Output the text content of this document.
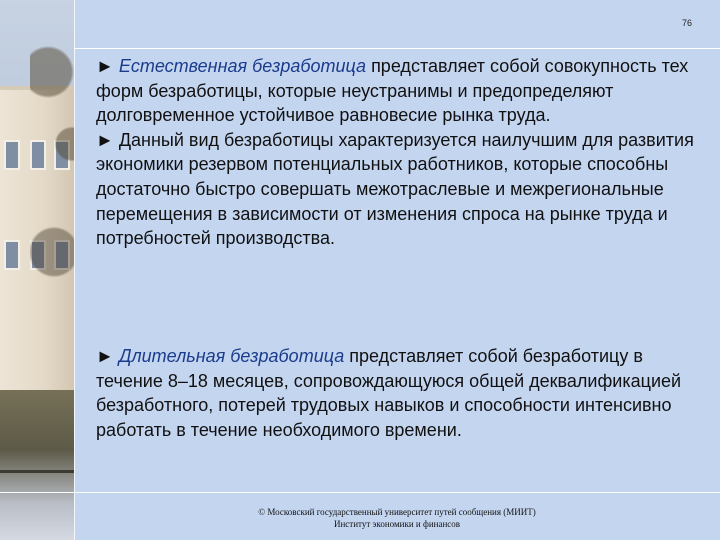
76

► Естественная безработица представляет собой совокупность тех форм безработицы, которые неустранимы и предопределяют долговременное устойчивое равновесие рынка труда.

► Данный вид безработицы характеризуется наилучшим для развития экономики резервом потенциальных работников, которые способны достаточно быстро совершать межотраслевые и межрегиональные перемещения в зависимости от изменения спроса на рынке труда и потребностей производства.

► Длительная безработица представляет собой безработицу в течение 8–18 месяцев, сопровождающуюся общей деквалификацией безработного, потерей трудовых навыков и способности интенсивно работать в течение необходимого времени.

© Московский государственный университет путей сообщения (МИИТ)
Институт экономики и финансов
